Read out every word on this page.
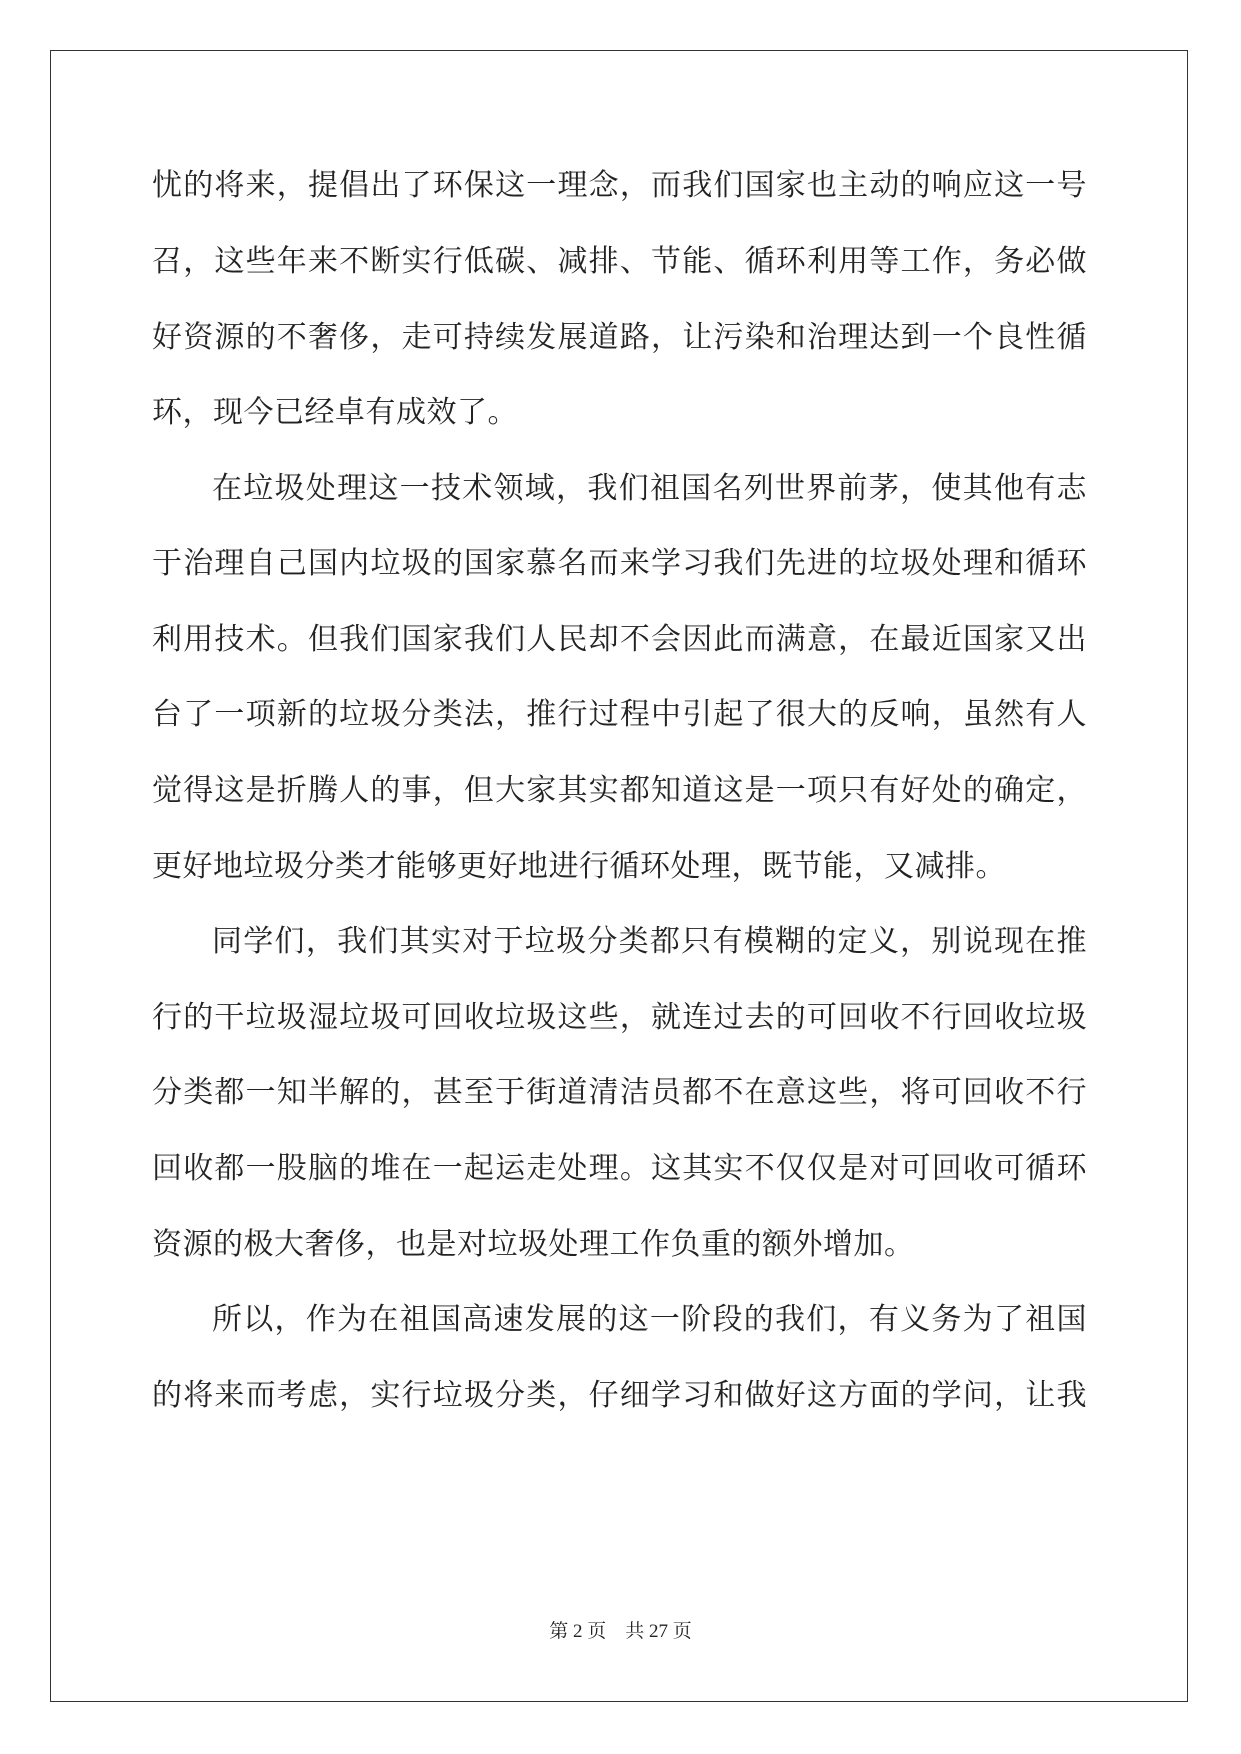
忧的将来，提倡出了环保这一理念，而我们国家也主动的响应这一号
召，这些年来不断实行低碳、减排、节能、循环利用等工作，务必做
好资源的不奢侈，走可持续发展道路，让污染和治理达到一个良性循
环，现今已经卓有成效了。
在垃圾处理这一技术领域，我们祖国名列世界前茅，使其他有志
于治理自己国内垃圾的国家慕名而来学习我们先进的垃圾处理和循环
利用技术。但我们国家我们人民却不会因此而满意，在最近国家又出
台了一项新的垃圾分类法，推行过程中引起了很大的反响，虽然有人
觉得这是折腾人的事，但大家其实都知道这是一项只有好处的确定，
更好地垃圾分类才能够更好地进行循环处理，既节能，又减排。
同学们，我们其实对于垃圾分类都只有模糊的定义，别说现在推
行的干垃圾湿垃圾可回收垃圾这些，就连过去的可回收不行回收垃圾
分类都一知半解的，甚至于街道清洁员都不在意这些，将可回收不行
回收都一股脑的堆在一起运走处理。这其实不仅仅是对可回收可循环
资源的极大奢侈，也是对垃圾处理工作负重的额外增加。
所以，作为在祖国高速发展的这一阶段的我们，有义务为了祖国
的将来而考虑，实行垃圾分类，仔细学习和做好这方面的学问，让我
第 2 页    共 27 页
